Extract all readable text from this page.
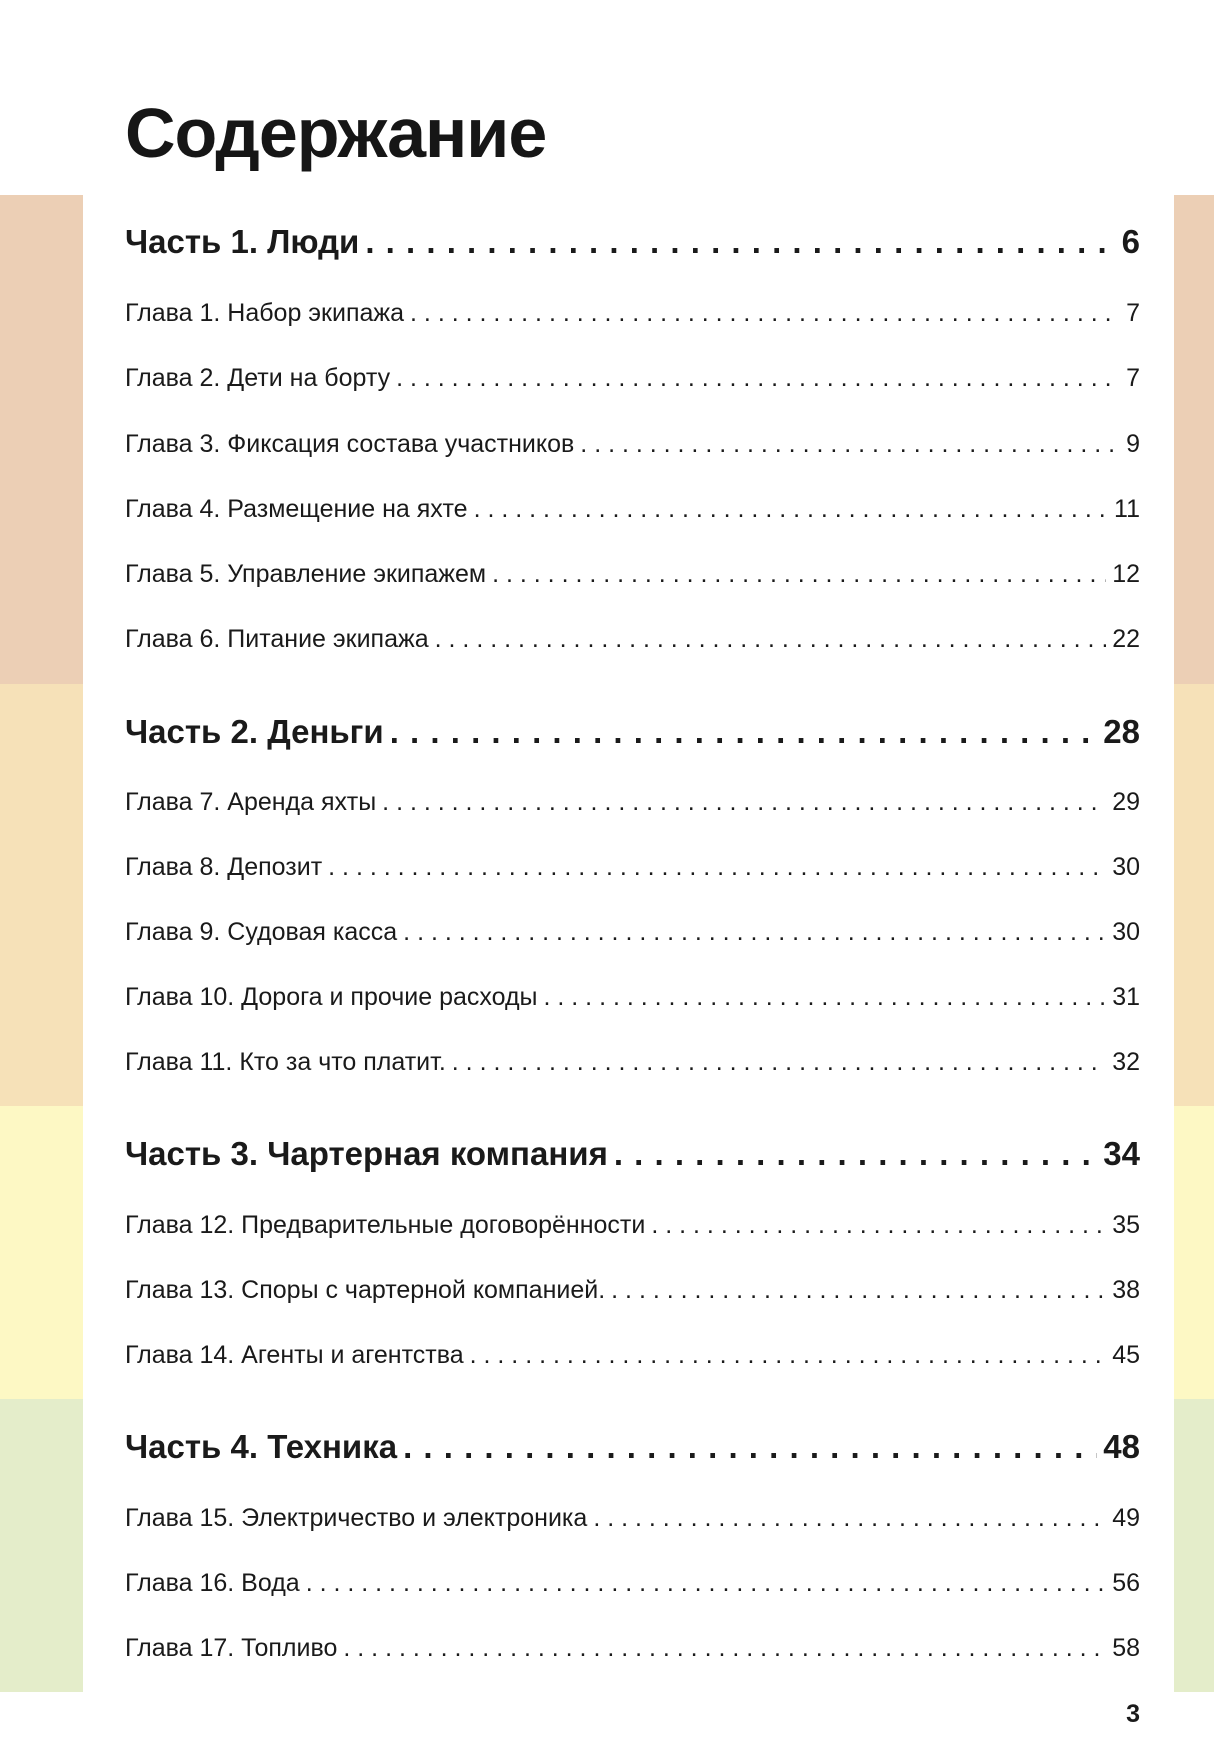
Содержание
Часть 1. Люди . . .	6
Глава 1. Набор экипажа . . .	7
Глава 2. Дети на борту . . .	7
Глава 3. Фиксация состава участников . . .	9
Глава 4. Размещение на яхте . . .	11
Глава 5. Управление экипажем . . .	12
Глава 6. Питание экипажа . . .	22
Часть 2. Деньги . . .	28
Глава 7. Аренда яхты . . .	29
Глава 8. Депозит . . .	30
Глава 9. Судовая касса . . .	30
Глава 10. Дорога и прочие расходы . . .	31
Глава 11. Кто за что платит. . . .	32
Часть 3. Чартерная компания . . .	34
Глава 12. Предварительные договорённости . . .	35
Глава 13. Споры с чартерной компанией. . . .	38
Глава 14. Агенты и агентства . . .	45
Часть 4. Техника . . .	48
Глава 15. Электричество и электроника . . .	49
Глава 16. Вода . . .	56
Глава 17. Топливо . . .	58
3
